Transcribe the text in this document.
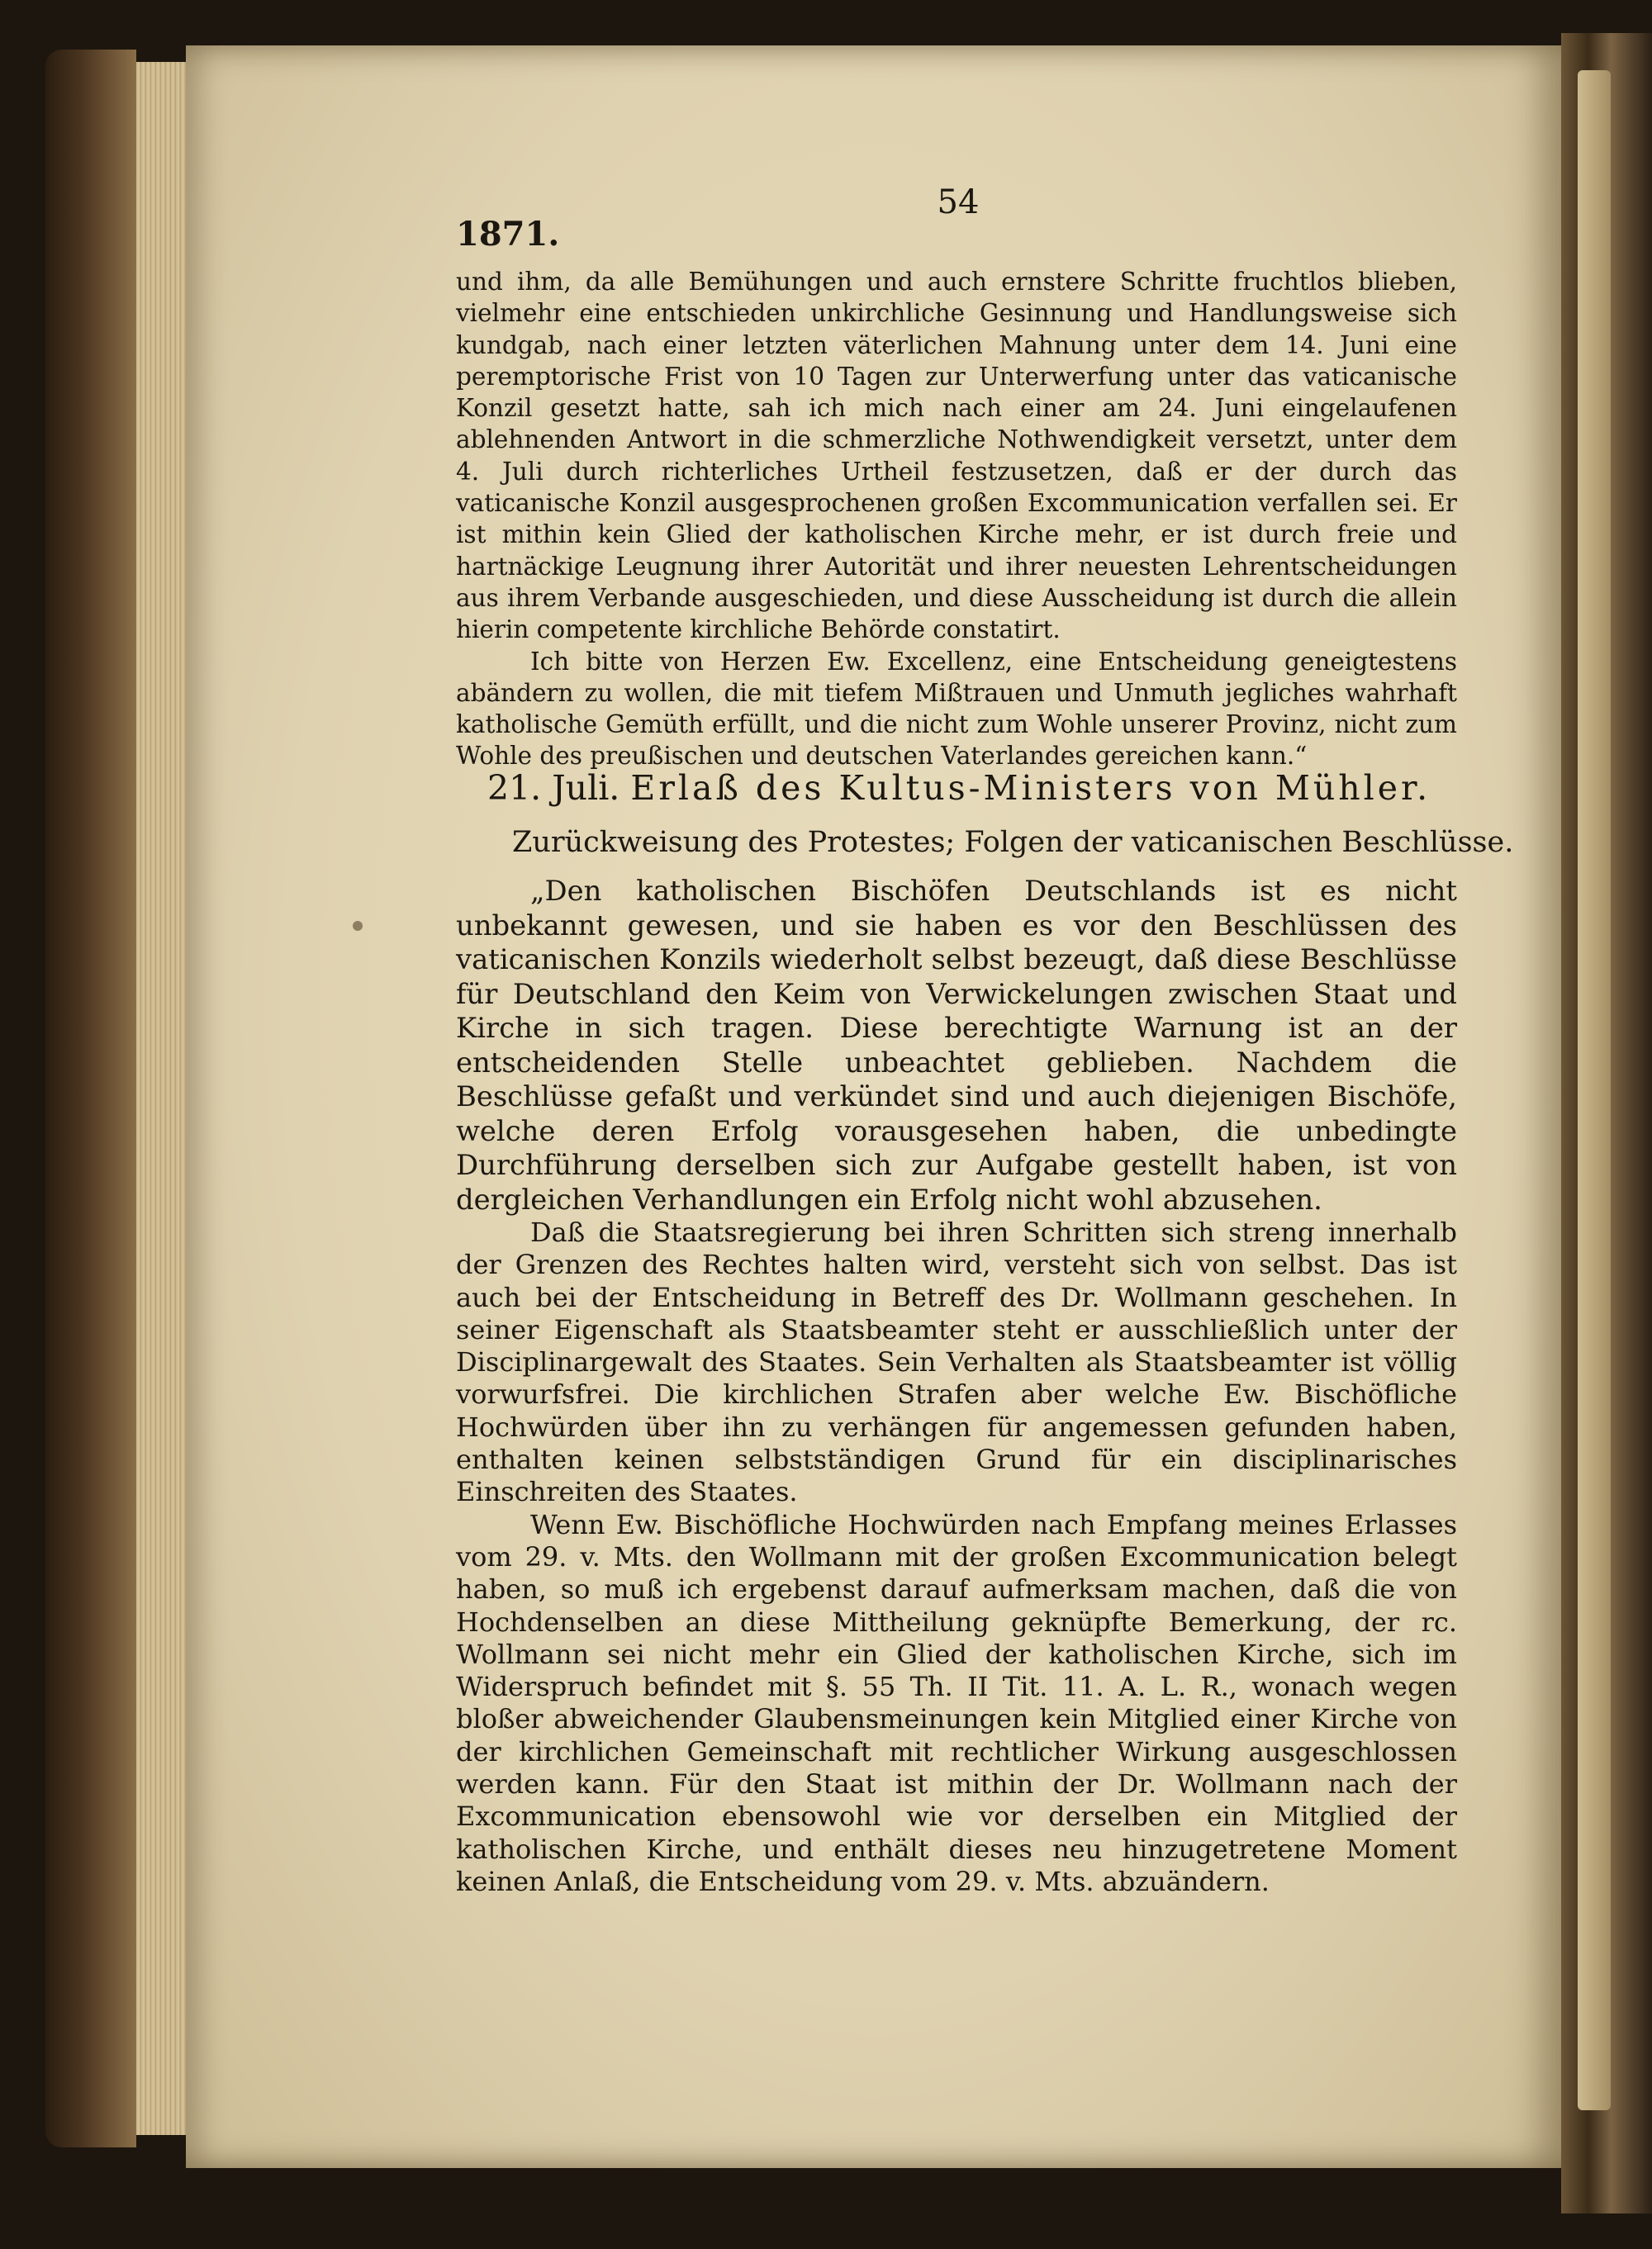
54
1871.

und ihm, da alle Bemühungen und auch ernstere Schritte fruchtlos blieben, vielmehr eine entschieden unkirchliche Gesinnung und Handlungsweise sich kundgab, nach einer letzten väterlichen Mahnung unter dem 14. Juni eine peremptorische Frist von 10 Tagen zur Unterwerfung unter das vaticanische Konzil gesetzt hatte, sah ich mich nach einer am 24. Juni eingelaufenen ablehnenden Antwort in die schmerzliche Nothwendigkeit versetzt, unter dem 4. Juli durch richterliches Urtheil festzusetzen, daß er der durch das vaticanische Konzil ausgesprochenen großen Excommunication verfallen sei. Er ist mithin kein Glied der katholischen Kirche mehr, er ist durch freie und hartnäckige Leugnung ihrer Autorität und ihrer neuesten Lehrentscheidungen aus ihrem Verbande ausgeschieden, und diese Ausscheidung ist durch die allein hierin competente kirchliche Behörde constatirt.

Ich bitte von Herzen Ew. Excellenz, eine Entscheidung geneigtestens abändern zu wollen, die mit tiefem Mißtrauen und Unmuth jegliches wahrhaft katholische Gemüth erfüllt, und die nicht zum Wohle unserer Provinz, nicht zum Wohle des preußischen und deutschen Vaterlandes gereichen kann.“

21. Juli. Erlaß des Kultus-Ministers von Mühler.
Zurückweisung des Protestes; Folgen der vaticanischen Beschlüsse.

„Den katholischen Bischöfen Deutschlands ist es nicht unbekannt gewesen, und sie haben es vor den Beschlüssen des vaticanischen Konzils wiederholt selbst bezeugt, daß diese Beschlüsse für Deutschland den Keim von Verwickelungen zwischen Staat und Kirche in sich tragen. Diese berechtigte Warnung ist an der entscheidenden Stelle unbeachtet geblieben. Nachdem die Beschlüsse gefaßt und verkündet sind und auch diejenigen Bischöfe, welche deren Erfolg vorausgesehen haben, die unbedingte Durchführung derselben sich zur Aufgabe gestellt haben, ist von dergleichen Verhandlungen ein Erfolg nicht wohl abzusehen.

Daß die Staatsregierung bei ihren Schritten sich streng innerhalb der Grenzen des Rechtes halten wird, versteht sich von selbst. Das ist auch bei der Entscheidung in Betreff des Dr. Wollmann geschehen. In seiner Eigenschaft als Staatsbeamter steht er ausschließlich unter der Disciplinargewalt des Staates. Sein Verhalten als Staatsbeamter ist völlig vorwurfsfrei. Die kirchlichen Strafen aber welche Ew. Bischöfliche Hochwürden über ihn zu verhängen für angemessen gefunden haben, enthalten keinen selbstständigen Grund für ein disciplinarisches Einschreiten des Staates.

Wenn Ew. Bischöfliche Hochwürden nach Empfang meines Erlasses vom 29. v. Mts. den Wollmann mit der großen Excommunication belegt haben, so muß ich ergebenst darauf aufmerksam machen, daß die von Hochdenselben an diese Mittheilung geknüpfte Bemerkung, der rc. Wollmann sei nicht mehr ein Glied der katholischen Kirche, sich im Widerspruch befindet mit §. 55 Th. II Tit. 11. A. L. R., wonach wegen bloßer abweichender Glaubensmeinungen kein Mitglied einer Kirche von der kirchlichen Gemeinschaft mit rechtlicher Wirkung ausgeschlossen werden kann. Für den Staat ist mithin der Dr. Wollmann nach der Excommunication ebensowohl wie vor derselben ein Mitglied der katholischen Kirche, und enthält dieses neu hinzugetretene Moment keinen Anlaß, die Entscheidung vom 29. v. Mts. abzuändern.
